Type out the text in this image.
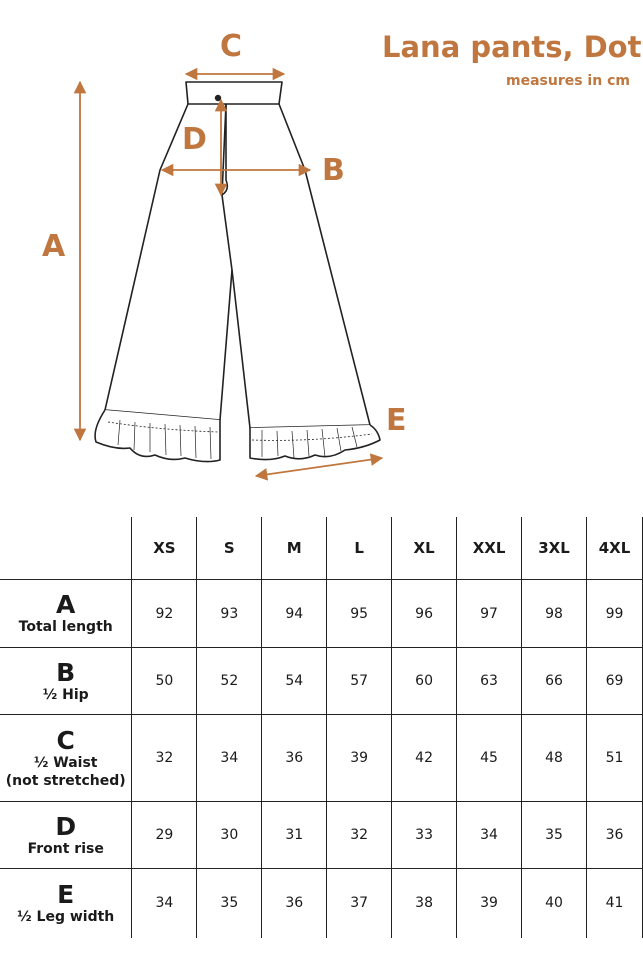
Lana pants, Dot
measures in cm
A
B
C
D
E
	XS	S	M	L	XL	XXL	3XL	4XL

A
Total length	92	93	94	95	96	97	98	99

B
½ Hip	50	52	54	57	60	63	66	69

C
½ Waist
(not stretched)	32	34	36	39	42	45	48	51

D
Front rise	29	30	31	32	33	34	35	36

E
½ Leg width	34	35	36	37	38	39	40	41
